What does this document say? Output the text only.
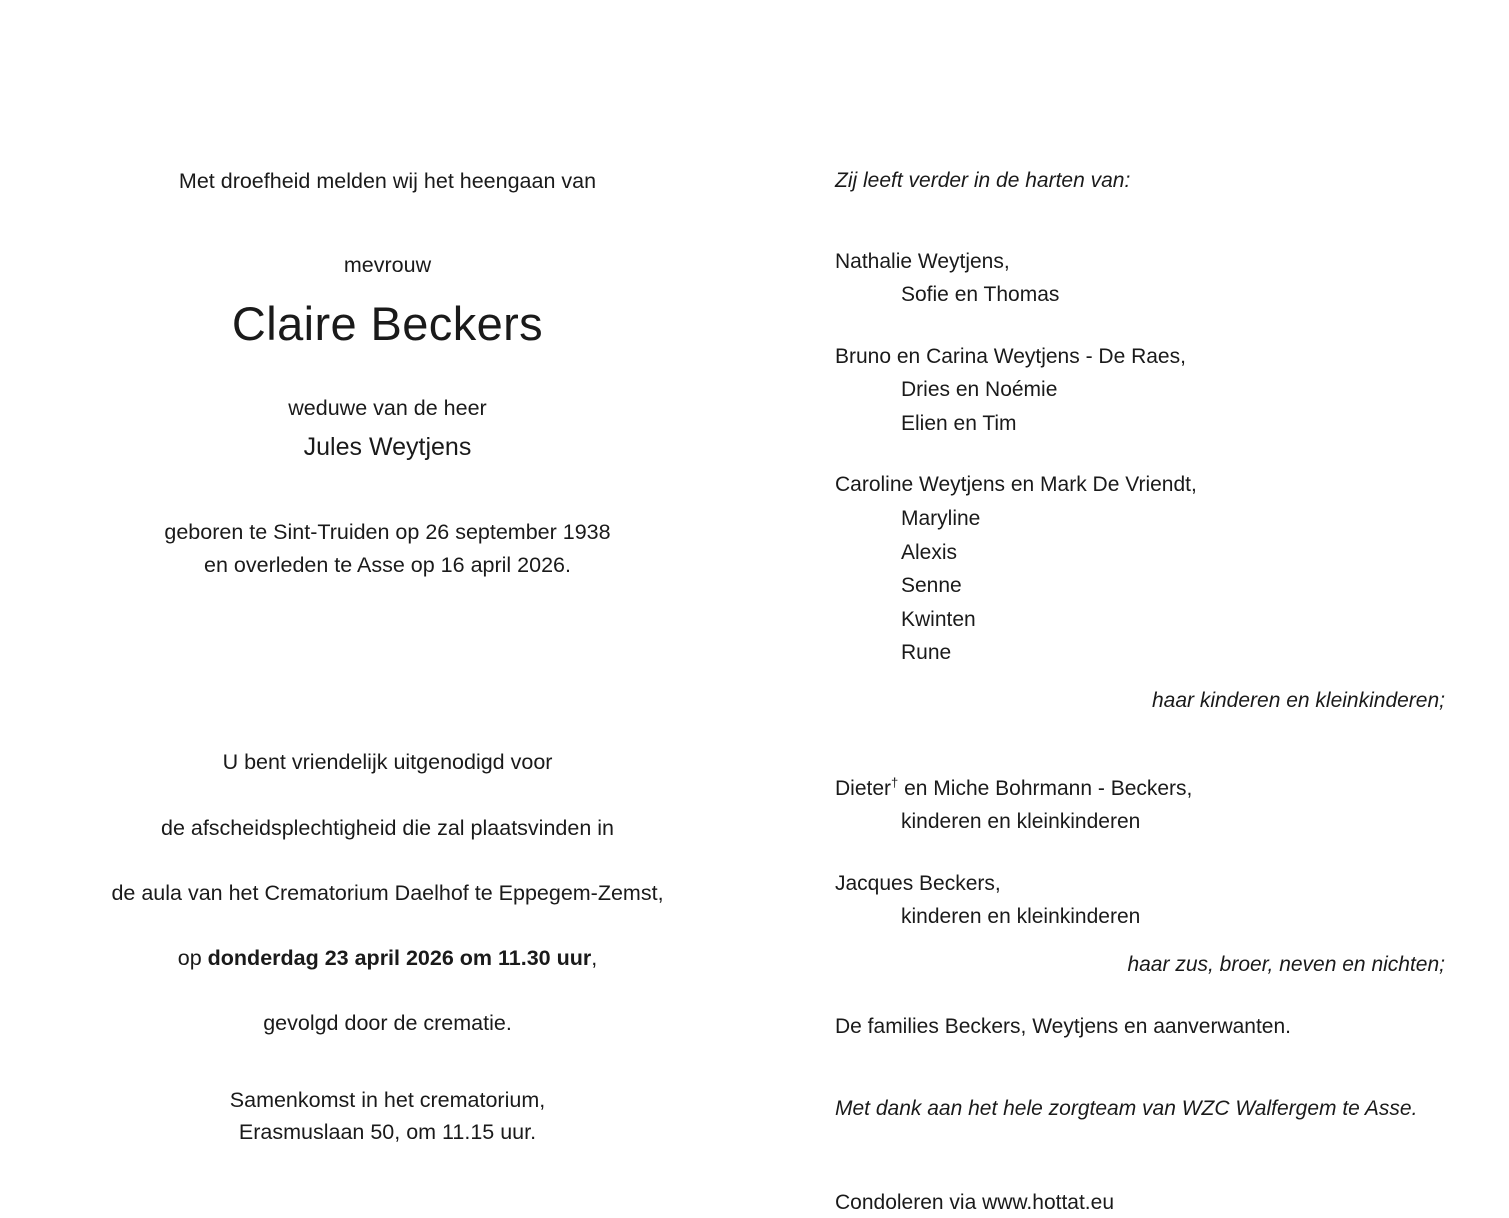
Met droefheid melden wij het heengaan van

mevrouw

Claire Beckers

weduwe van de heer

Jules Weytjens

geboren te Sint-Truiden op 26 september 1938
en overleden te Asse op 16 april 2026.

U bent vriendelijk uitgenodigd voor

de afscheidsplechtigheid die zal plaatsvinden in

de aula van het Crematorium Daelhof te Eppegem-Zemst,

op donderdag 23 april 2026 om 11.30 uur,

gevolgd door de crematie.

Samenkomst in het crematorium,
Erasmuslaan 50, om 11.15 uur.

Zij leeft verder in de harten van:

Nathalie Weytjens,

Sofie en Thomas

Bruno en Carina Weytjens - De Raes,

Dries en Noémie

Elien en Tim

Caroline Weytjens en Mark De Vriendt,

Maryline

Alexis

Senne

Kwinten

Rune

haar kinderen en kleinkinderen;

Dieter† en Miche Bohrmann - Beckers,

kinderen en kleinkinderen

Jacques Beckers,

kinderen en kleinkinderen

haar zus, broer, neven en nichten;

De families Beckers, Weytjens en aanverwanten.

Met dank aan het hele zorgteam van WZC Walfergem te Asse.

Condoleren via www.hottat.eu
